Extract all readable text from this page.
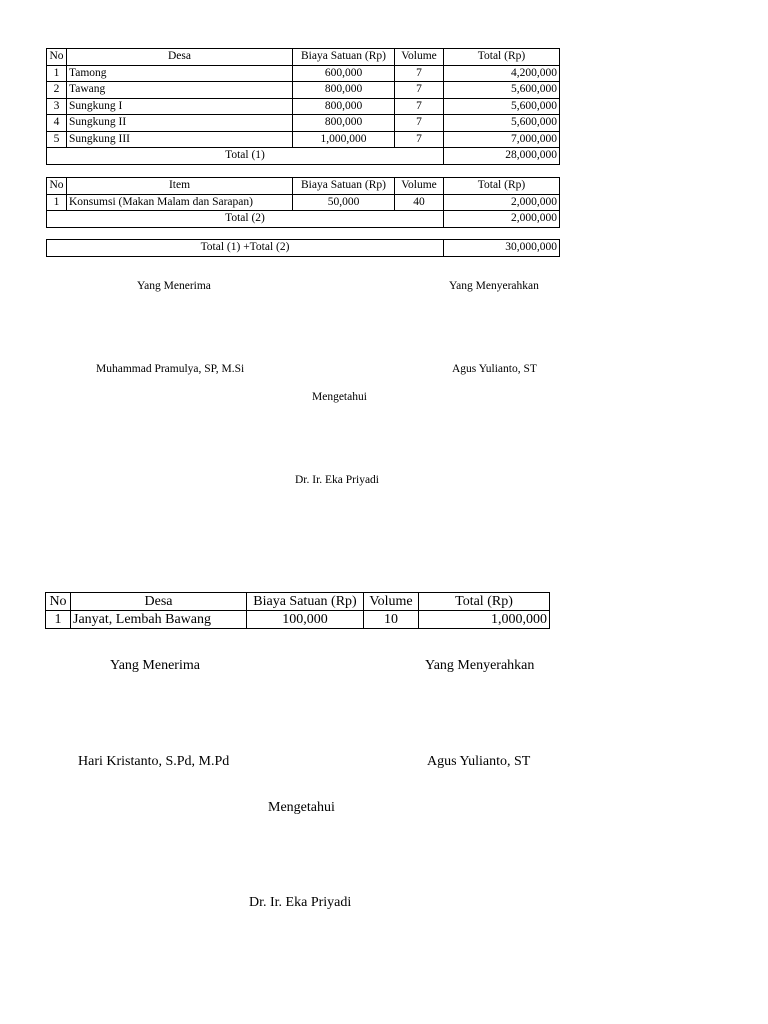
No	Desa	Biaya Satuan (Rp)	Volume	Total (Rp)
1	Tamong	600,000	7	4,200,000
2	Tawang	800,000	7	5,600,000
3	Sungkung I	800,000	7	5,600,000
4	Sungkung II	800,000	7	5,600,000
5	Sungkung III	1,000,000	7	7,000,000
Total (1)				28,000,000
No	Item	Biaya Satuan (Rp)	Volume	Total (Rp)
1	Konsumsi (Makan Malam dan Sarapan)	50,000	40	2,000,000
Total (2)				2,000,000
Total (1) +Total (2)	30,000,000
Yang Menerima	Yang Menyerahkan
Muhammad Pramulya, SP, M.Si	Agus Yulianto, ST
Mengetahui
Dr. Ir. Eka Priyadi
No	Desa	Biaya Satuan (Rp)	Volume	Total (Rp)
1	Janyat, Lembah Bawang	100,000	10	1,000,000
Yang Menerima	Yang Menyerahkan
Hari Kristanto, S.Pd, M.Pd	Agus Yulianto, ST
Mengetahui
Dr. Ir. Eka Priyadi
